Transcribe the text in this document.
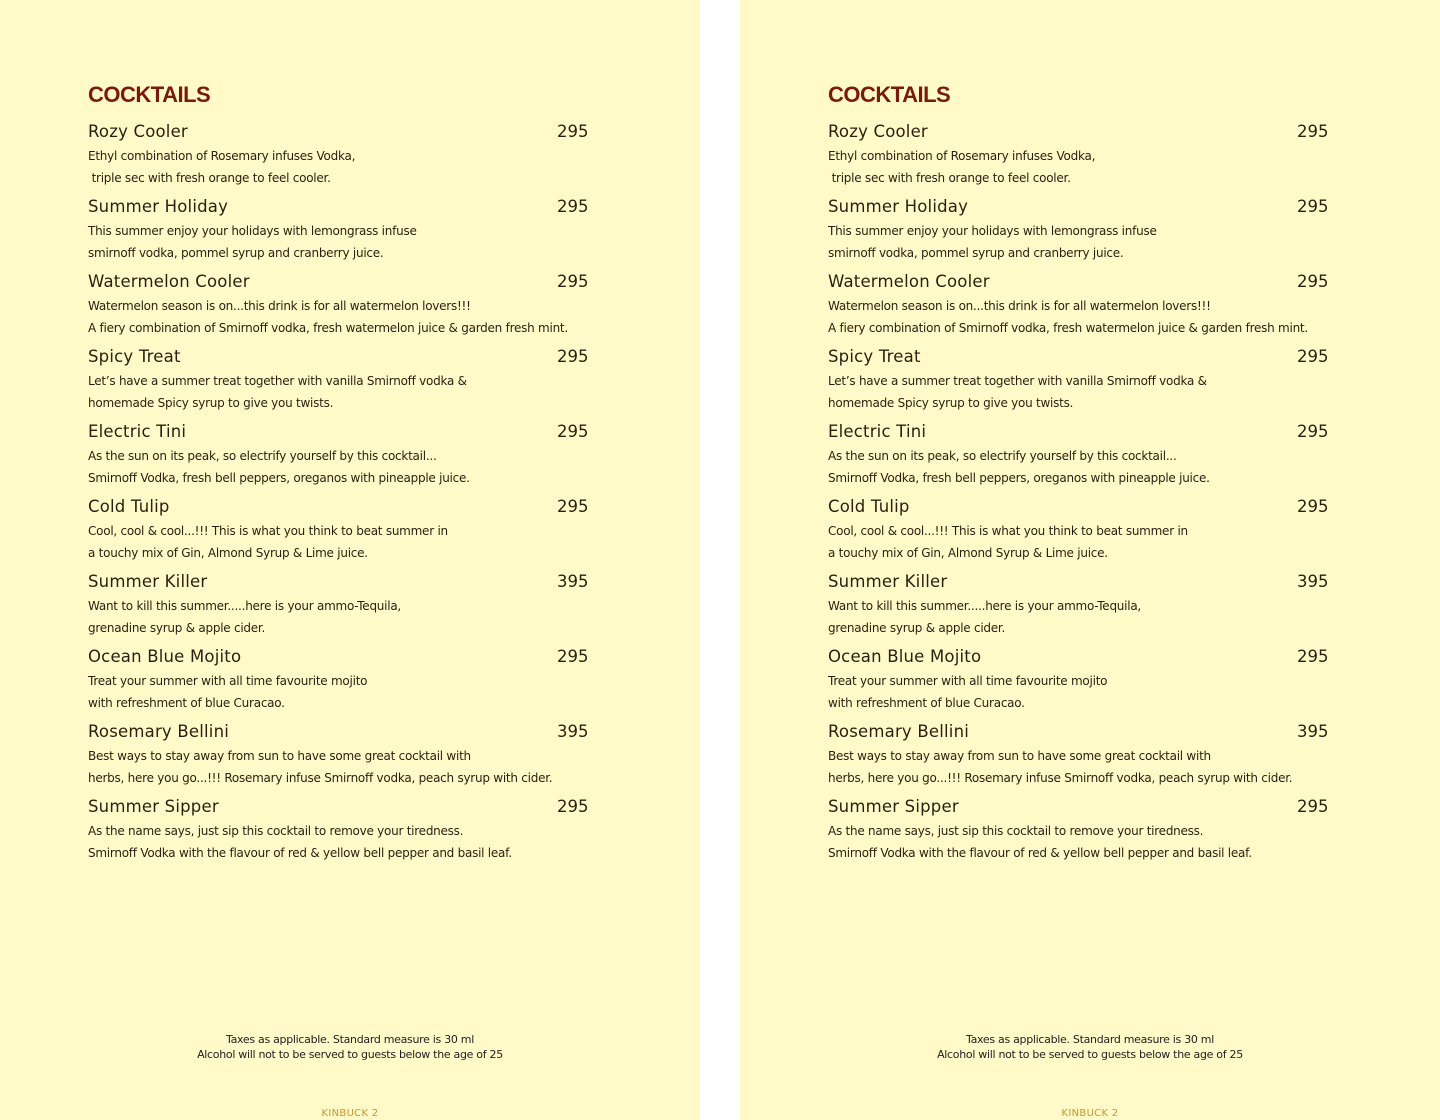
COCKTAILS
Rozy Cooler	295
Ethyl combination of Rosemary infuses Vodka,
triple sec with fresh orange to feel cooler.
Summer Holiday	295
This summer enjoy your holidays with lemongrass infuse
smirnoff vodka, pommel syrup and cranberry juice.
Watermelon Cooler	295
Watermelon season is on...this drink is for all watermelon lovers!!!
A fiery combination of Smirnoff vodka, fresh watermelon juice & garden fresh mint.
Spicy Treat	295
Let’s have a summer treat together with vanilla Smirnoff vodka &
homemade Spicy syrup to give you twists.
Electric Tini	295
As the sun on its peak, so electrify yourself by this cocktail...
Smirnoff Vodka, fresh bell peppers, oreganos with pineapple juice.
Cold Tulip	295
Cool, cool & cool...!!! This is what you think to beat summer in
a touchy mix of Gin, Almond Syrup & Lime juice.
Summer Killer	395
Want to kill this summer.....here is your ammo-Tequila,
grenadine syrup & apple cider.
Ocean Blue Mojito	295
Treat your summer with all time favourite mojito
with refreshment of blue Curacao.
Rosemary Bellini	395
Best ways to stay away from sun to have some great cocktail with
herbs, here you go...!!! Rosemary infuse Smirnoff vodka, peach syrup with cider.
Summer Sipper	295
As the name says, just sip this cocktail to remove your tiredness.
Smirnoff Vodka with the flavour of red & yellow bell pepper and basil leaf.
Taxes as applicable. Standard measure is 30 ml
Alcohol will not to be served to guests below the age of 25
KINBUCK 2
COCKTAILS
Rozy Cooler	295
Ethyl combination of Rosemary infuses Vodka,
triple sec with fresh orange to feel cooler.
Summer Holiday	295
This summer enjoy your holidays with lemongrass infuse
smirnoff vodka, pommel syrup and cranberry juice.
Watermelon Cooler	295
Watermelon season is on...this drink is for all watermelon lovers!!!
A fiery combination of Smirnoff vodka, fresh watermelon juice & garden fresh mint.
Spicy Treat	295
Let’s have a summer treat together with vanilla Smirnoff vodka &
homemade Spicy syrup to give you twists.
Electric Tini	295
As the sun on its peak, so electrify yourself by this cocktail...
Smirnoff Vodka, fresh bell peppers, oreganos with pineapple juice.
Cold Tulip	295
Cool, cool & cool...!!! This is what you think to beat summer in
a touchy mix of Gin, Almond Syrup & Lime juice.
Summer Killer	395
Want to kill this summer.....here is your ammo-Tequila,
grenadine syrup & apple cider.
Ocean Blue Mojito	295
Treat your summer with all time favourite mojito
with refreshment of blue Curacao.
Rosemary Bellini	395
Best ways to stay away from sun to have some great cocktail with
herbs, here you go...!!! Rosemary infuse Smirnoff vodka, peach syrup with cider.
Summer Sipper	295
As the name says, just sip this cocktail to remove your tiredness.
Smirnoff Vodka with the flavour of red & yellow bell pepper and basil leaf.
Taxes as applicable. Standard measure is 30 ml
Alcohol will not to be served to guests below the age of 25
KINBUCK 2
